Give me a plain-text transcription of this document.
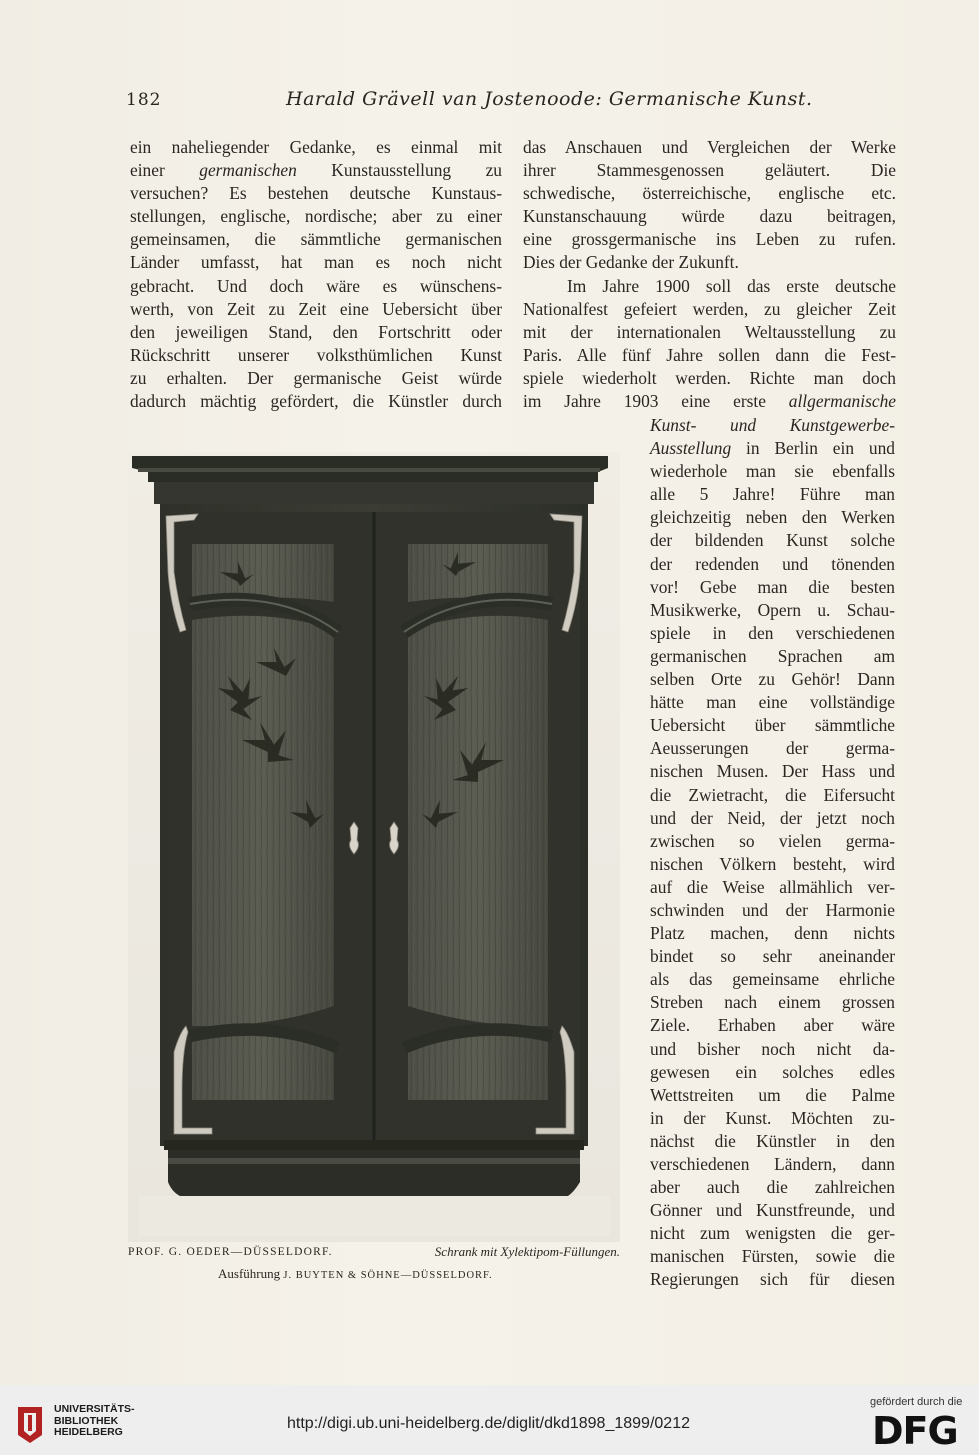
182	Harald Grävell van Jostenoode: Germanische Kunst.

ein naheliegender Gedanke, es einmal mit

einer germanischen Kunstausstellung zu

versuchen? Es bestehen deutsche Kunstaus-

stellungen, englische, nordische; aber zu einer

gemeinsamen, die sämmtliche germanischen

Länder umfasst, hat man es noch nicht

gebracht. Und doch wäre es wünschens-

werth, von Zeit zu Zeit eine Uebersicht über

den jeweiligen Stand, den Fortschritt oder

Rückschritt unserer volksthümlichen Kunst

zu erhalten. Der germanische Geist würde

dadurch mächtig gefördert, die Künstler durch

das Anschauen und Vergleichen der Werke

ihrer Stammesgenossen geläutert. Die

schwedische, österreichische, englische etc.

Kunstanschauung würde dazu beitragen,

eine grossgermanische ins Leben zu rufen.

Dies der Gedanke der Zukunft.

Im Jahre 1900 soll das erste deutsche

Nationalfest gefeiert werden, zu gleicher Zeit

mit der internationalen Weltausstellung zu

Paris. Alle fünf Jahre sollen dann die Fest-

spiele wiederholt werden. Richte man doch

im Jahre 1903 eine erste allgermanische

Kunst- und Kunstgewerbe-

Ausstellung in Berlin ein und

wiederhole man sie ebenfalls

alle 5 Jahre! Führe man

gleichzeitig neben den Werken

der bildenden Kunst solche

der redenden und tönenden

vor! Gebe man die besten

Musikwerke, Opern u. Schau-

spiele in den verschiedenen

germanischen Sprachen am

selben Orte zu Gehör! Dann

hätte man eine vollständige

Uebersicht über sämmtliche

Aeusserungen der germa-

nischen Musen. Der Hass und

die Zwietracht, die Eifersucht

und der Neid, der jetzt noch

zwischen so vielen germa-

nischen Völkern besteht, wird

auf die Weise allmählich ver-

schwinden und der Harmonie

Platz machen, denn nichts

bindet so sehr aneinander

als das gemeinsame ehrliche

Streben nach einem grossen

Ziele. Erhaben aber wäre

und bisher noch nicht da-

gewesen ein solches edles

Wettstreiten um die Palme

in der Kunst. Möchten zu-

nächst die Künstler in den

verschiedenen Ländern, dann

aber auch die zahlreichen

Gönner und Kunstfreunde, und

nicht zum wenigsten die ger-

manischen Fürsten, sowie die

Regierungen sich für diesen

PROF. G. OEDER—DÜSSELDORF.	Schrank mit Xylektipom-Füllungen.
Ausführung J. BUYTEN & SÖHNE—DÜSSELDORF.
UNIVERSITÄTS-
BIBLIOTHEK
HEIDELBERG	http://digi.ub.uni-heidelberg.de/diglit/dkd1898_1899/0212
gefördert durch die
DFG
